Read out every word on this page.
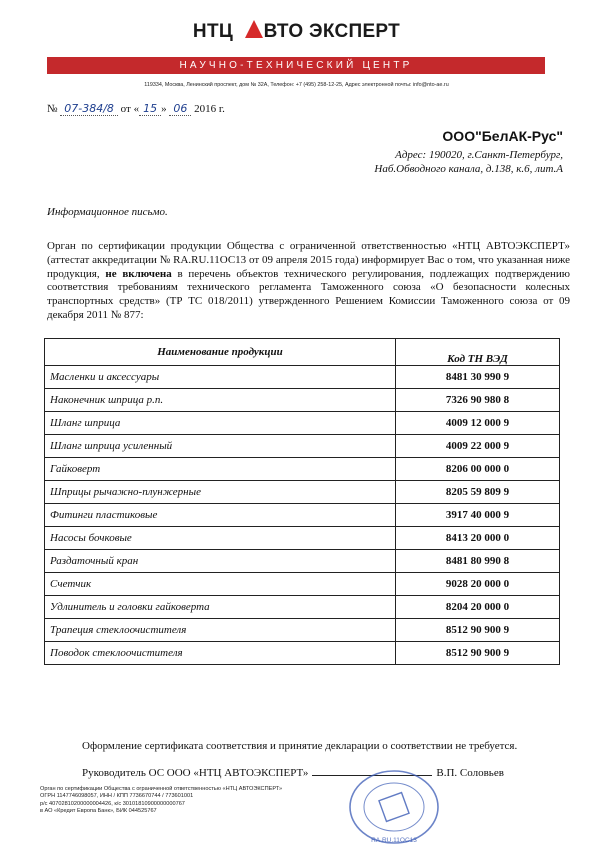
НТЦ ВТО ЭКСПЕРТ
НАУЧНО-ТЕХНИЧЕСКИЙ ЦЕНТР
119334, Москва, Ленинский проспект, дом № 32А, Телефон: +7 (495) 258-12-25, Адрес электронной почты: info@nto-ae.ru
№ 07-384/8 от « 15 » 06 2016 г.
ООО"БелАК-Рус"
Адрес: 190020, г.Санкт-Петербург,
Наб.Обводного канала, д.138, к.6, лит.А
Информационное письмо.
Орган по сертификации продукции Общества с ограниченной ответственностью «НТЦ АВТОЭКСПЕРТ» (аттестат аккредитации № RA.RU.11ОС13 от 09 апреля 2015 года) информирует Вас о том, что указанная ниже продукция, не включена в перечень объектов технического регулирования, подлежащих подтверждению соответствия требованиям технического регламента Таможенного союза «О безопасности колесных транспортных средств» (ТР ТС 018/2011) утвержденного Решением Комиссии Таможенного союза от 09 декабря 2011 № 877:
Наименование продукции	Код ТН ВЭД
Масленки и аксессуары	8481 30 990 9
Наконечник шприца р.п.	7326 90 980 8
Шланг шприца	4009 12 000 9
Шланг шприца усиленный	4009 22 000 9
Гайковерт	8206 00 000 0
Шприцы рычажно-плунжерные	8205 59 809 9
Фитинги пластиковые	3917 40 000 9
Насосы бочковые	8413 20 000 0
Раздаточный кран	8481 80 990 8
Счетчик	9028 20 000 0
Удлинитель и головки гайковерта	8204 20 000 0
Трапеция стеклоочистителя	8512 90 900 9
Поводок стеклоочистителя	8512 90 900 9
Оформление сертификата соответствия и принятие декларации о соответствии не требуется.
Руководитель ОС ООО «НТЦ АВТОЭКСПЕРТ»	В.П. Соловьев
Орган по сертификации Общества с ограниченной ответственностью «НТЦ АВТОЭКСПЕРТ»
ОГРН 1147746098057, ИНН / КПП 7736670744 / 773601001
р/с 40702810200000004426, к/с 30101810900000000767
в АО «Кредит Европа Банк», БИК 044525767
RA.RU.11ОС13
